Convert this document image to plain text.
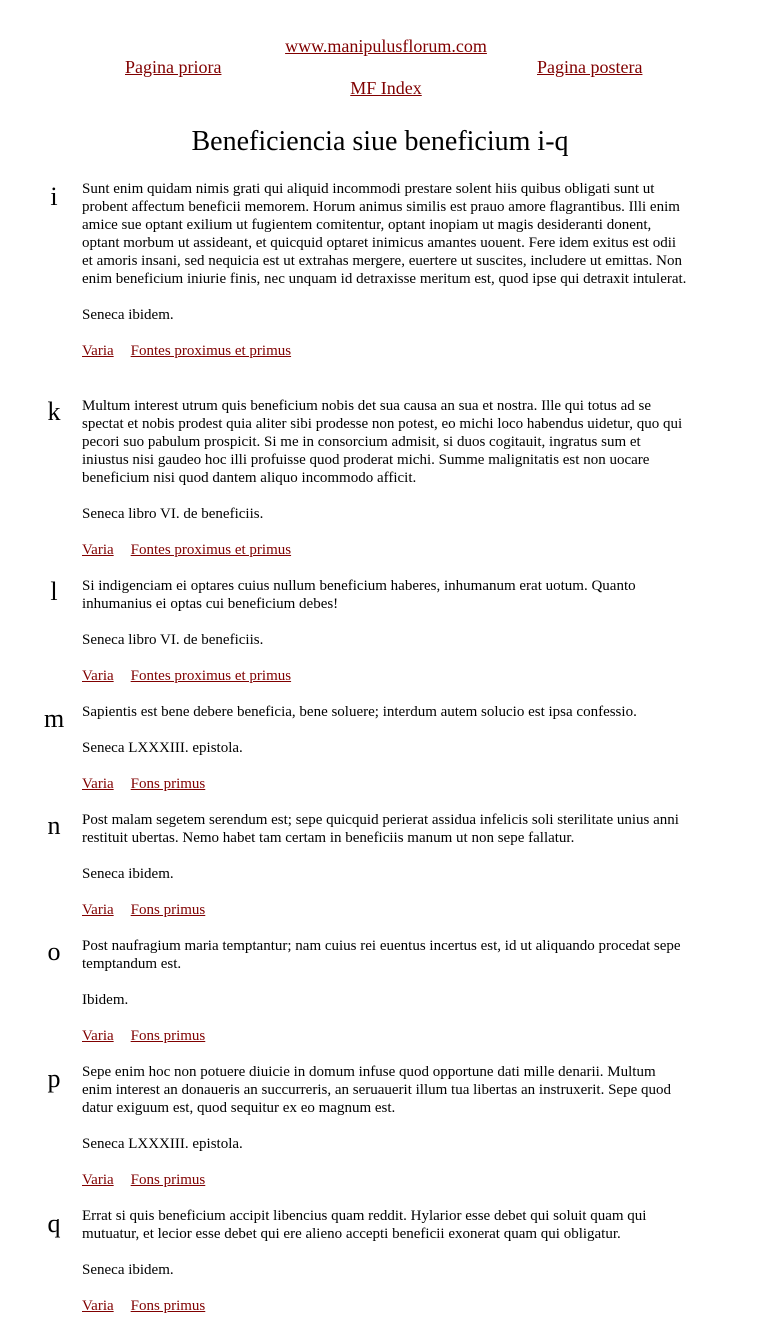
www.manipulusflorum.com
Pagina priora	Pagina postera
MF Index
Beneficiencia siue beneficium i-q
i	Sunt enim quidam nimis grati qui aliquid incommodi prestare solent hiis quibus obligati sunt ut probent affectum beneficii memorem. Horum animus similis est prauo amore flagrantibus. Illi enim amice sue optant exilium ut fugientem comitentur, optant inopiam ut magis desideranti donent, optant morbum ut assideant, et quicquid optaret inimicus amantes uouent. Fere idem exitus est odii et amoris insani, sed nequicia est ut extrahas mergere, euertere ut suscites, includere ut emittas. Non enim beneficium iniurie finis, nec unquam id detraxisse meritum est, quod ipse qui detraxit intulerat.

Seneca ibidem.

Varia Fontes proximus et primus
k Multum interest utrum quis beneficium nobis det sua causa an sua et nostra. Ille qui totus ad se spectat et nobis prodest quia aliter sibi prodesse non potest, eo michi loco habendus uidetur, quo qui pecori suo pabulum prospicit. Si me in consorcium admisit, si duos cogitauit, ingratus sum et iniustus nisi gaudeo hoc illi profuisse quod proderat michi. Summe malignitatis est non uocare beneficium nisi quod dantem aliquo incommodo afficit.

Seneca libro VI. de beneficiis.

Varia Fontes proximus et primus
l	Si indigenciam ei optares cuius nullum beneficium haberes, inhumanum erat uotum. Quanto inhumanius ei optas cui beneficium debes!

Seneca libro VI. de beneficiis.

Varia Fontes proximus et primus
m Sapientis est bene debere beneficia, bene soluere; interdum autem solucio est ipsa confessio.

Seneca LXXXIII. epistola.

Varia Fons primus
n Post malam segetem serendum est; sepe quicquid perierat assidua infelicis soli sterilitate unius anni restituit ubertas. Nemo habet tam certam in beneficiis manum ut non sepe fallatur.

Seneca ibidem.

Varia Fons primus
o Post naufragium maria temptantur; nam cuius rei euentus incertus est, id ut aliquando procedat sepe temptandum est.

Ibidem.

Varia Fons primus
p Sepe enim hoc non potuere diuicie in domum infuse quod opportune dati mille denarii. Multum enim interest an donaueris an succurreris, an seruauerit illum tua libertas an instruxerit. Sepe quod datur exiguum est, quod sequitur ex eo magnum est.

Seneca LXXXIII. epistola.

Varia Fons primus
q Errat si quis beneficium accipit libencius quam reddit. Hylarior esse debet qui soluit quam qui mutuatur, et lecior esse debet qui ere alieno accepti beneficii exonerat quam qui obligatur.

Seneca ibidem.

Varia Fons primus
